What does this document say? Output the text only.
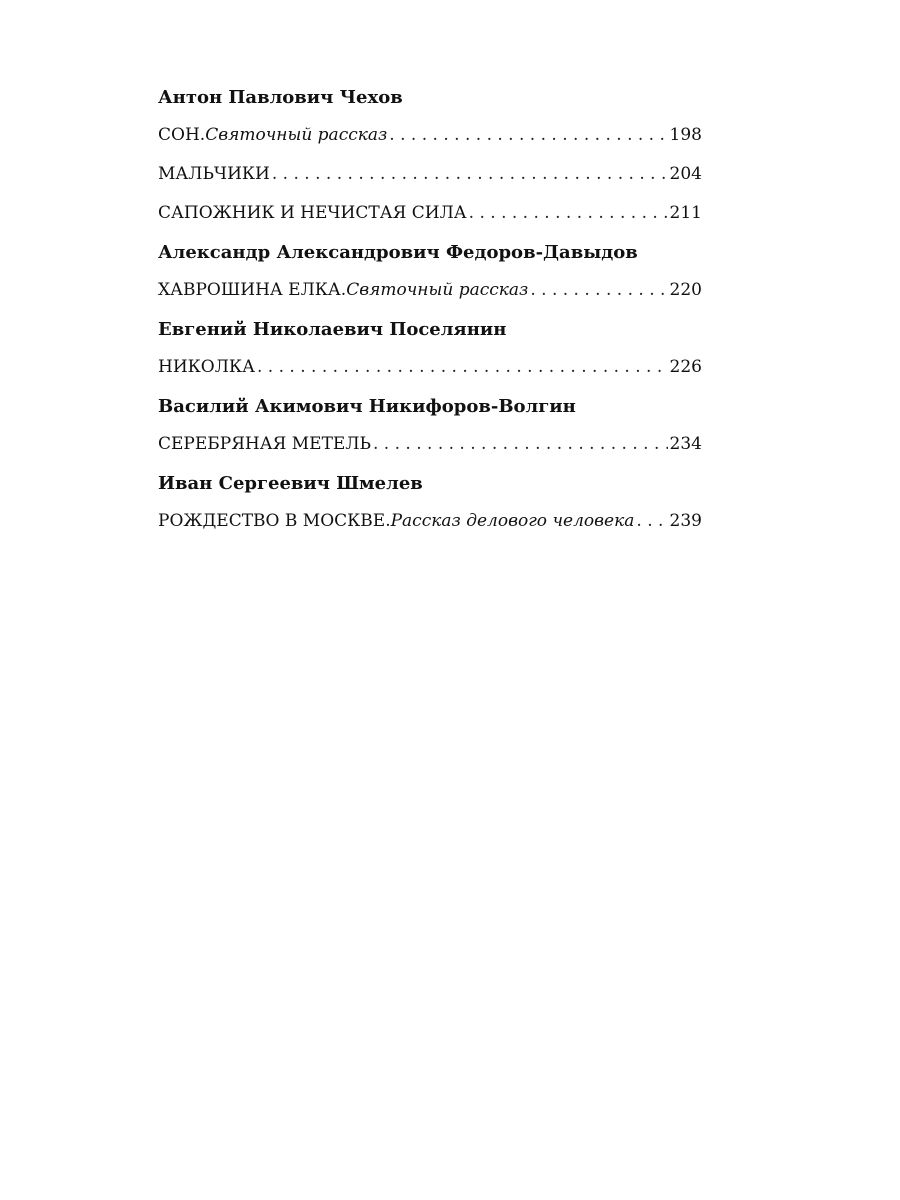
Антон Павлович Чехов
СОН. Святочный рассказ . . .	198
МАЛЬЧИКИ . . .	204
САПОЖНИК И НЕЧИСТАЯ СИЛА . . .	211
Александр Александрович Федоров-Давыдов
ХАВРОШИНА ЕЛКА. Святочный рассказ . . .	220
Евгений Николаевич Поселянин
НИКОЛКА . . .	226
Василий Акимович Никифоров-Волгин
СЕРЕБРЯНАЯ МЕТЕЛЬ . . .	234
Иван Сергеевич Шмелев
РОЖДЕСТВО В МОСКВЕ. Рассказ делового человека . . . 239
